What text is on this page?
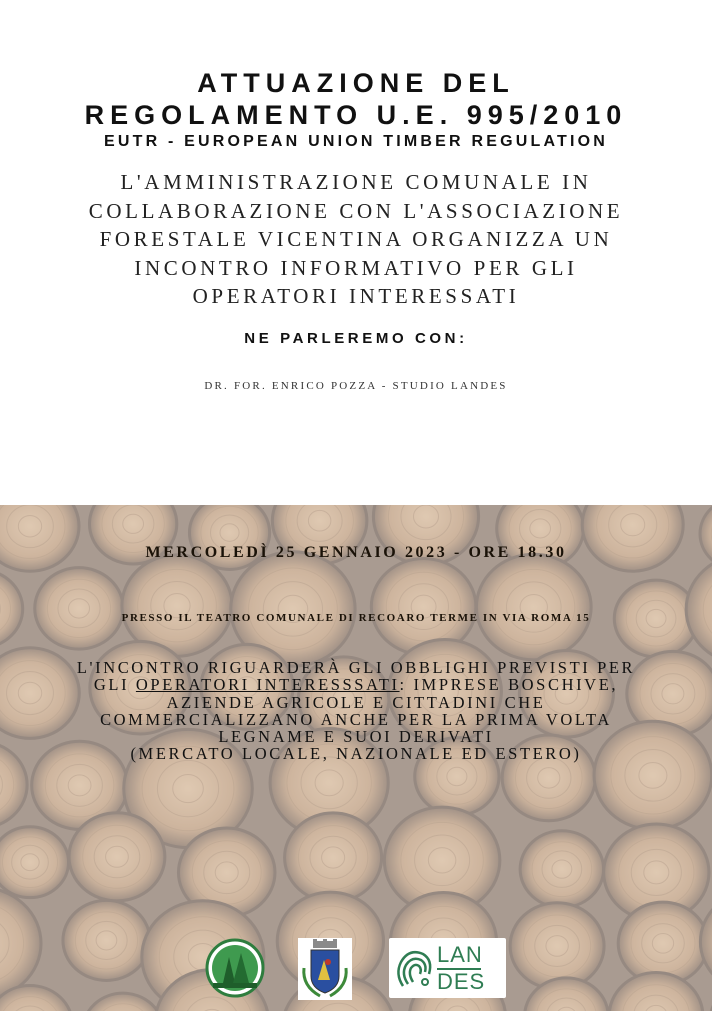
ATTUAZIONE DEL
REGOLAMENTO U.E. 995/2010
EUTR - EUROPEAN UNION TIMBER REGULATION
L'AMMINISTRAZIONE COMUNALE IN
COLLABORAZIONE CON L'ASSOCIAZIONE
FORESTALE VICENTINA ORGANIZZA UN
INCONTRO INFORMATIVO PER GLI
OPERATORI INTERESSATI
NE PARLEREMO CON:
DR. FOR. ENRICO POZZA - STUDIO LANDES
MERCOLEDÌ 25 GENNAIO 2023 - ORE 18.30
PRESSO IL TEATRO COMUNALE DI RECOARO TERME IN VIA ROMA 15
L'INCONTRO RIGUARDERÀ GLI OBBLIGHI PREVISTI PER
GLI OPERATORI INTERESSSATI: IMPRESE BOSCHIVE,
AZIENDE AGRICOLE E CITTADINI CHE
COMMERCIALIZZANO ANCHE PER LA PRIMA VOLTA
LEGNAME E SUOI DERIVATI
(MERCATO LOCALE, NAZIONALE ED ESTERO)
LAN
DES
